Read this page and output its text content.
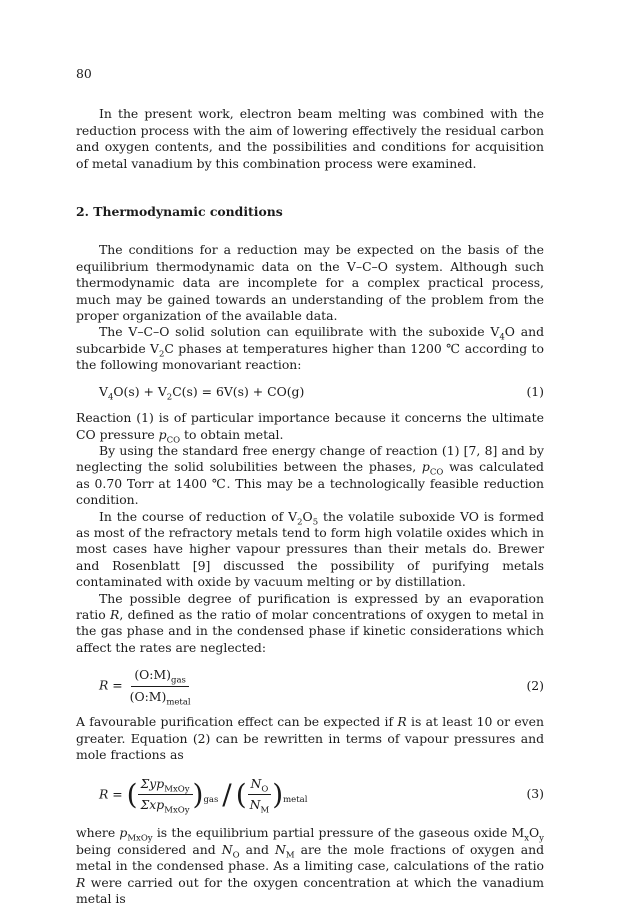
80

In the present work, electron beam melting was combined with the reduction process with the aim of lowering effectively the residual carbon and oxygen contents, and the possibilities and conditions for acquisition of metal vanadium by this combination process were examined.

2. Thermodynamic conditions

The conditions for a reduction may be expected on the basis of the equilibrium thermodynamic data on the V–C–O system. Although such thermodynamic data are incomplete for a complex practical process, much may be gained towards an understanding of the problem from the proper organization of the available data.

The V–C–O solid solution can equilibrate with the suboxide $V_4O$ and subcarbide $V_2C$ phases at temperatures higher than 1200 ℃ according to the following monovariant reaction:

$V_4O(s) + V_2C(s) = 6V(s) + CO(g)$	(1)

Reaction (1) is of particular importance because it concerns the ultimate CO pressure $p_{CO}$ to obtain metal.

By using the standard free energy change of reaction (1) [7, 8] and by neglecting the solid solubilities between the phases, $p_{CO}$ was calculated as 0.70 Torr at 1400 ℃. This may be a technologically feasible reduction condition.

In the course of reduction of $V_2O_5$ the volatile suboxide VO is formed as most of the refractory metals tend to form high volatile oxides which in most cases have higher vapour pressures than their metals do. Brewer and Rosenblatt [9] discussed the possibility of purifying metals contaminated with oxide by vacuum melting or by distillation.

The possible degree of purification is expressed by an evaporation ratio R, defined as the ratio of molar concentrations of oxygen to metal in the gas phase and in the condensed phase if kinetic considerations which affect the rates are neglected:

$R = \frac{(O:M)_{gas}}{(O:M)_{metal}}$	(2)

A favourable purification effect can be expected if R is at least 10 or even greater. Equation (2) can be rewritten in terms of vapour pressures and mole fractions as

R = ( $\frac{\Sigma yp_{MxOy}}{\Sigma xp_{MxOy}} )_{gas}$ / ( $\frac{N_O}{N_M} )_{metal}$	(3)

where $p_{MxOy}$ is the equilibrium partial pressure of the gaseous oxide $M_xO_y$ being considered and $N_O$ and $N_M$ are the mole fractions of oxygen and metal in the condensed phase. As a limiting case, calculations of the ratio R were carried out for the oxygen concentration at which the vanadium metal is
